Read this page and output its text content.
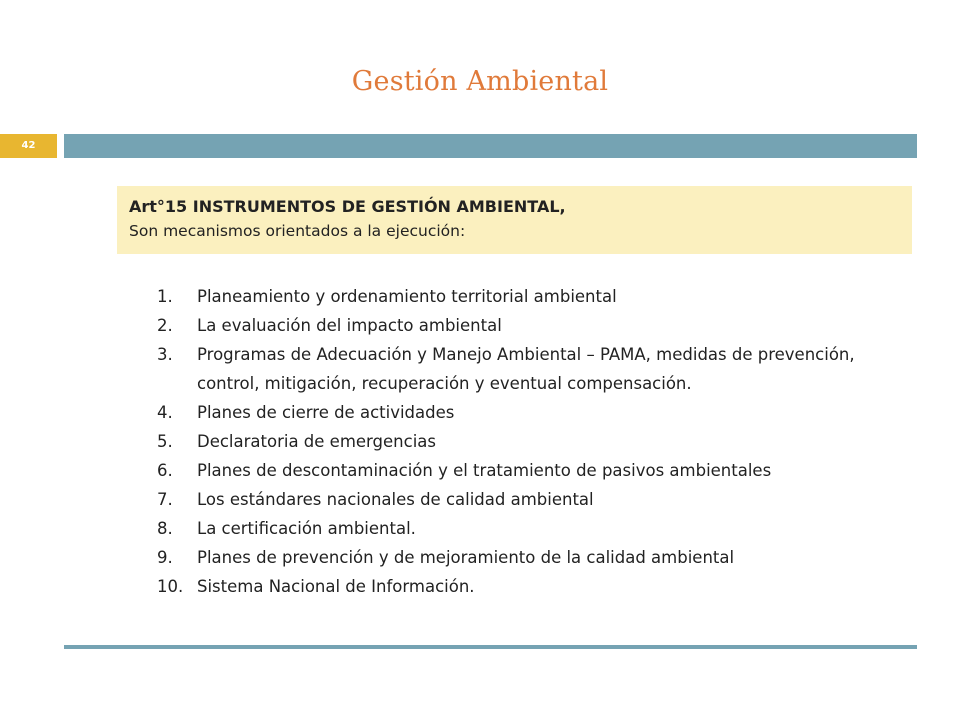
Gestión Ambiental
42
Art°15 INSTRUMENTOS DE GESTIÓN AMBIENTAL,
Son mecanismos orientados a la ejecución:
1.	Planeamiento y ordenamiento territorial ambiental
2.	La evaluación del impacto ambiental
3.	Programas de Adecuación y Manejo Ambiental – PAMA, medidas de prevención, control, mitigación, recuperación y eventual compensación.
4.	Planes de cierre de actividades
5.	Declaratoria de emergencias
6.	Planes de descontaminación y el tratamiento de pasivos ambientales
7.	Los estándares nacionales de calidad ambiental
8.	La certificación ambiental.
9.	Planes de prevención y de mejoramiento de la calidad ambiental
10. Sistema Nacional de Información.
